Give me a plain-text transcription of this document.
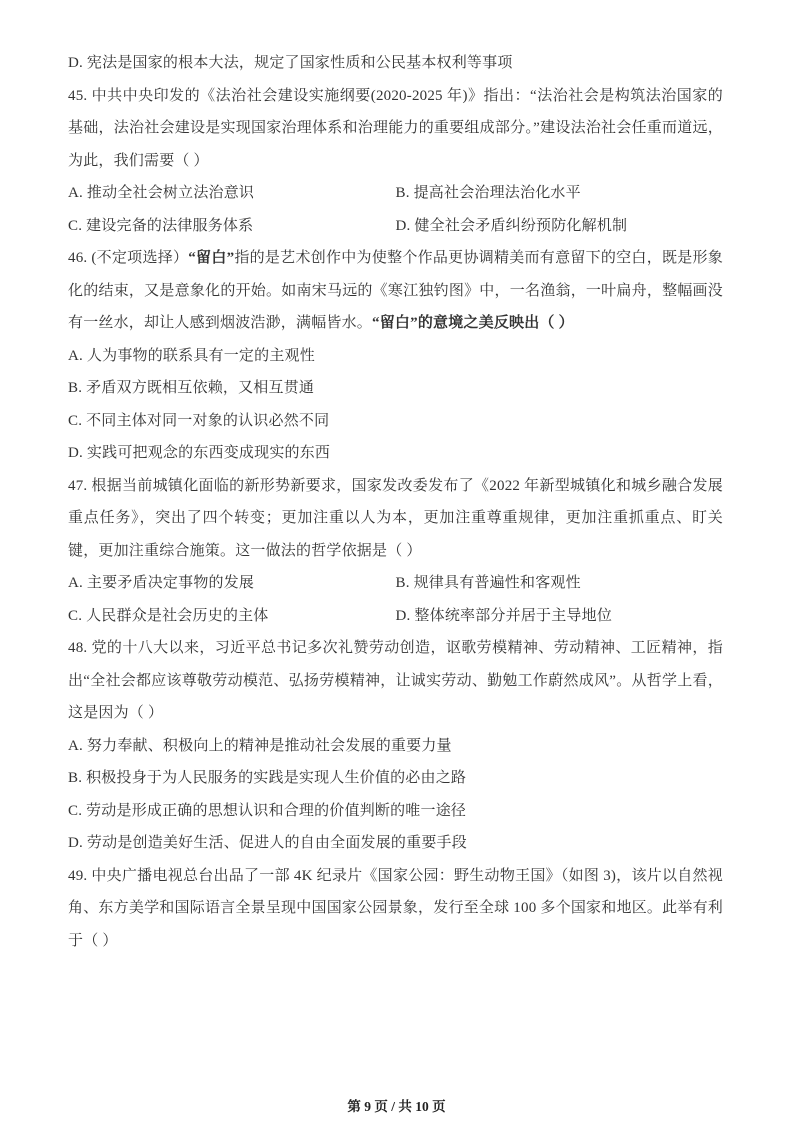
D. 宪法是国家的根本大法，规定了国家性质和公民基本权利等事项

45. 中共中央印发的《法治社会建设实施纲要(2020-2025 年)》指出：“法治社会是构筑法治国家的基础，法治社会建设是实现国家治理体系和治理能力的重要组成部分。”建设法治社会任重而道远，为此，我们需要（ ）

A. 推动全社会树立法治意识	B. 提高社会治理法治化水平

C. 建设完备的法律服务体系	D. 健全社会矛盾纠纷预防化解机制

46. (不定项选择）“留白”指的是艺术创作中为使整个作品更协调精美而有意留下的空白，既是形象化的结束，又是意象化的开始。如南宋马远的《寒江独钓图》中，一名渔翁，一叶扁舟，整幅画没有一丝水，却让人感到烟波浩渺，满幅皆水。“留白”的意境之美反映出（ ）

A. 人为事物的联系具有一定的主观性

B. 矛盾双方既相互依赖，又相互贯通

C. 不同主体对同一对象的认识必然不同

D. 实践可把观念的东西变成现实的东西

47. 根据当前城镇化面临的新形势新要求，国家发改委发布了《2022 年新型城镇化和城乡融合发展重点任务》，突出了四个转变；更加注重以人为本，更加注重尊重规律，更加注重抓重点、盯关键，更加注重综合施策。这一做法的哲学依据是（ ）

A. 主要矛盾决定事物的发展	B. 规律具有普遍性和客观性

C. 人民群众是社会历史的主体	D. 整体统率部分并居于主导地位

48. 党的十八大以来，习近平总书记多次礼赞劳动创造，讴歌劳模精神、劳动精神、工匠精神，指出“全社会都应该尊敬劳动模范、弘扬劳模精神，让诚实劳动、勤勉工作蔚然成风”。从哲学上看，这是因为（ ）

A. 努力奉献、积极向上的精神是推动社会发展的重要力量

B. 积极投身于为人民服务的实践是实现人生价值的必由之路

C. 劳动是形成正确的思想认识和合理的价值判断的唯一途径

D. 劳动是创造美好生活、促进人的自由全面发展的重要手段

49. 中央广播电视总台出品了一部 4K 纪录片《国家公园：野生动物王国》（如图 3)，该片以自然视角、东方美学和国际语言全景呈现中国国家公园景象，发行至全球 100 多个国家和地区。此举有利于（ ）

第 9 页 / 共 10 页
